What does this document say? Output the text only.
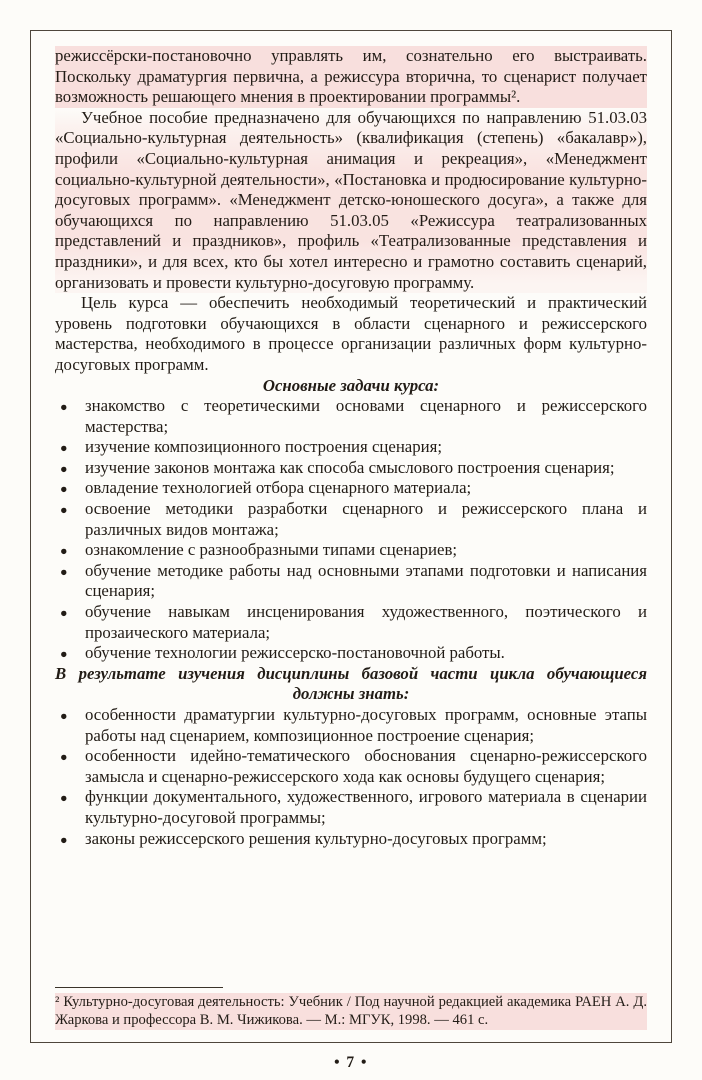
режиссёрски-постановочно управлять им, сознательно его выстраивать. Поскольку драматургия первична, а режиссура вторична, то сценарист получает возможность решающего мнения в проектировании программы².

Учебное пособие предназначено для обучающихся по направлению 51.03.03 «Социально-культурная деятельность» (квалификация (степень) «бакалавр»), профили «Социально-культурная анимация и рекреация», «Менеджмент социально-культурной деятельности», «Постановка и продюсирование культурно-досуговых программ». «Менеджмент детско-юношеского досуга», а также для обучающихся по направлению 51.03.05 «Режиссура театрализованных представлений и праздников», профиль «Театрализованные представления и праздники», и для всех, кто бы хотел интересно и грамотно составить сценарий, организовать и провести культурно-досуговую программу.

Цель курса — обеспечить необходимый теоретический и практический уровень подготовки обучающихся в области сценарного и режиссерского мастерства, необходимого в процессе организации различных форм культурно-досуговых программ.

Основные задачи курса:

● знакомство с теоретическими основами сценарного и режиссерского мастерства;
● изучение композиционного построения сценария;
● изучение законов монтажа как способа смыслового построения сценария;
● овладение технологией отбора сценарного материала;
● освоение методики разработки сценарного и режиссерского плана и различных видов монтажа;
● ознакомление с разнообразными типами сценариев;
● обучение методике работы над основными этапами подготовки и написания сценария;
● обучение навыкам инсценирования художественного, поэтического и прозаического материала;
● обучение технологии режиссерско-постановочной работы.

В результате изучения дисциплины базовой части цикла обучающиеся должны знать:

● особенности драматургии культурно-досуговых программ, основные этапы работы над сценарием, композиционное построение сценария;
● особенности идейно-тематического обоснования сценарно-режиссерского замысла и сценарно-режиссерского хода как основы будущего сценария;
● функции документального, художественного, игрового материала в сценарии культурно-досуговой программы;
● законы режиссерского решения культурно-досуговых программ;

² Культурно-досуговая деятельность: Учебник / Под научной редакцией академика РАЕН А. Д. Жаркова и профессора В. М. Чижикова. — М.: МГУК, 1998. — 461 с.

• 7 •
